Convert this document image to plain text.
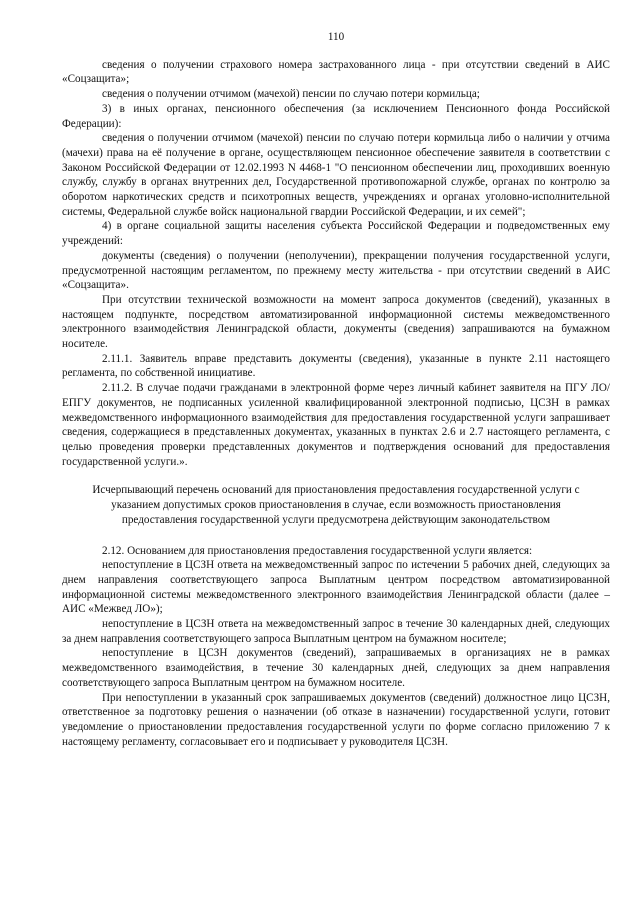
110

сведения о получении страхового номера застрахованного лица - при отсутствии сведений в АИС «Соцзащита»;

сведения о получении отчимом (мачехой) пенсии по случаю потери кормильца;

3) в иных органах, пенсионного обеспечения (за исключением Пенсионного фонда Российской Федерации):

сведения о получении отчимом (мачехой) пенсии по случаю потери кормильца либо о наличии у отчима (мачехи) права на её получение в органе, осуществляющем пенсионное обеспечение заявителя в соответствии с Законом Российской Федерации от 12.02.1993 N 4468-1 "О пенсионном обеспечении лиц, проходивших военную службу, службу в органах внутренних дел, Государственной противопожарной службе, органах по контролю за оборотом наркотических средств и психотропных веществ, учреждениях и органах уголовно-исполнительной системы, Федеральной службе войск национальной гвардии Российской Федерации, и их семей";

4) в органе социальной защиты населения субъекта Российской Федерации и подведомственных ему учреждений:

документы (сведения) о получении (неполучении), прекращении получения государственной услуги, предусмотренной настоящим регламентом, по прежнему месту жительства - при отсутствии сведений в АИС «Соцзащита».

При отсутствии технической возможности на момент запроса документов (сведений), указанных в настоящем подпункте, посредством автоматизированной информационной системы межведомственного электронного взаимодействия Ленинградской области, документы (сведения) запрашиваются на бумажном носителе.

2.11.1. Заявитель вправе представить документы (сведения), указанные в пункте 2.11 настоящего регламента, по собственной инициативе.

2.11.2. В случае подачи гражданами в электронной форме через личный кабинет заявителя на ПГУ ЛО/ ЕПГУ документов, не подписанных усиленной квалифицированной электронной подписью, ЦСЗН в рамках межведомственного информационного взаимодействия для предоставления государственной услуги запрашивает сведения, содержащиеся в представленных документах, указанных в пунктах 2.6 и 2.7 настоящего регламента, с целью проведения проверки представленных документов и подтверждения оснований для предоставления государственной услуги.».

Исчерпывающий перечень оснований для приостановления предоставления государственной услуги с указанием допустимых сроков приостановления в случае, если возможность приостановления предоставления государственной услуги предусмотрена действующим законодательством

2.12. Основанием для приостановления предоставления государственной услуги является:

непоступление в ЦСЗН ответа на межведомственный запрос по истечении 5 рабочих дней, следующих за днем направления соответствующего запроса Выплатным центром посредством автоматизированной информационной системы межведомственного электронного взаимодействия Ленинградской области (далее – АИС «Межвед ЛО»);

непоступление в ЦСЗН ответа на межведомственный запрос в течение 30 календарных дней, следующих за днем направления соответствующего запроса Выплатным центром на бумажном носителе;

непоступление в ЦСЗН документов (сведений), запрашиваемых в организациях не в рамках межведомственного взаимодействия, в течение 30 календарных дней, следующих за днем направления соответствующего запроса Выплатным центром на бумажном носителе.

При непоступлении в указанный срок запрашиваемых документов (сведений) должностное лицо ЦСЗН, ответственное за подготовку решения о назначении (об отказе в назначении) государственной услуги, готовит уведомление о приостановлении предоставления государственной услуги по форме согласно приложению 7 к настоящему регламенту, согласовывает его и подписывает у руководителя ЦСЗН.
